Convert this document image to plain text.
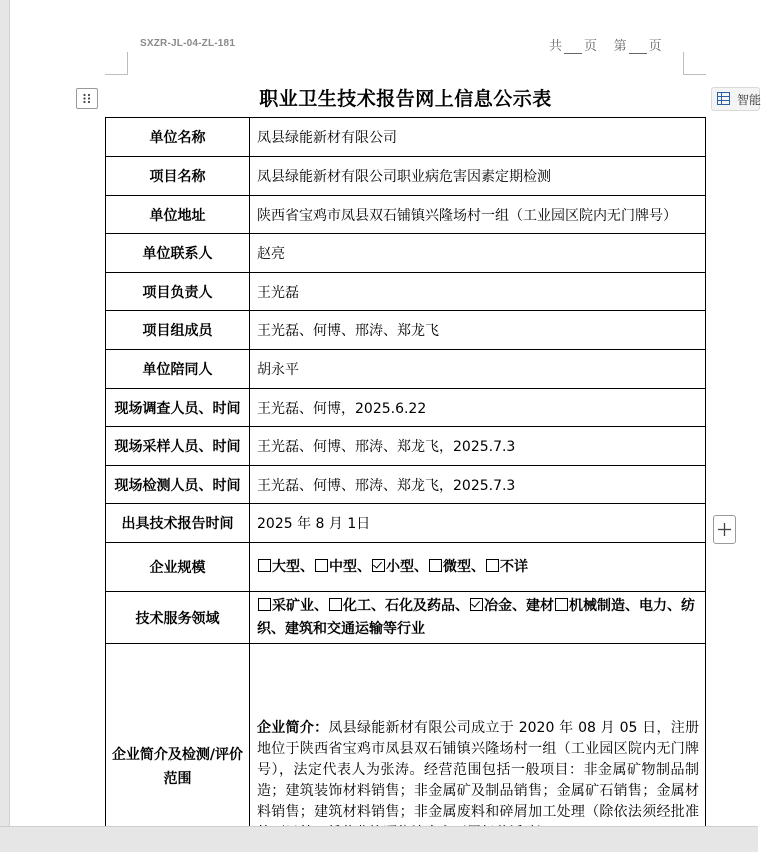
SXZR-JL-04-ZL-181	共 页 第 页
职业卫生技术报告网上信息公示表	智能
单位名称	凤县绿能新材有限公司
项目名称	凤县绿能新材有限公司职业病危害因素定期检测
单位地址	陕西省宝鸡市凤县双石铺镇兴隆场村一组（工业园区院内无门牌号）
单位联系人	赵亮
项目负责人	王光磊
项目组成员	王光磊、何博、邢涛、郑龙飞
单位陪同人	胡永平
现场调查人员、时间	王光磊、何博，2025.6.22
现场采样人员、时间	王光磊、何博、邢涛、郑龙飞，2025.7.3
现场检测人员、时间	王光磊、何博、邢涛、郑龙飞，2025.7.3
出具技术报告时间	2025 年 8 月 1日
企业规模	大型、 中型、 小型、 微型、 不详
技术服务领域	采矿业、 化工、石化及药品、 冶金、建材 机械制造、电力、纺织、建筑和交通运输等行业
企业简介及检测/评价范围	企业简介：凤县绿能新材有限公司成立于 2020 年 08 月 05 日，注册地位于陕西省宝鸡市凤县双石铺镇兴隆场村一组（工业园区院内无门牌号），法定代表人为张涛。经营范围包括一般项目：非金属矿物制品制造；建筑装饰材料销售；非金属矿及制品销售；金属矿石销售；金属材料销售；建筑材料销售；非金属废料和碎屑加工处理（除依法须经批准
